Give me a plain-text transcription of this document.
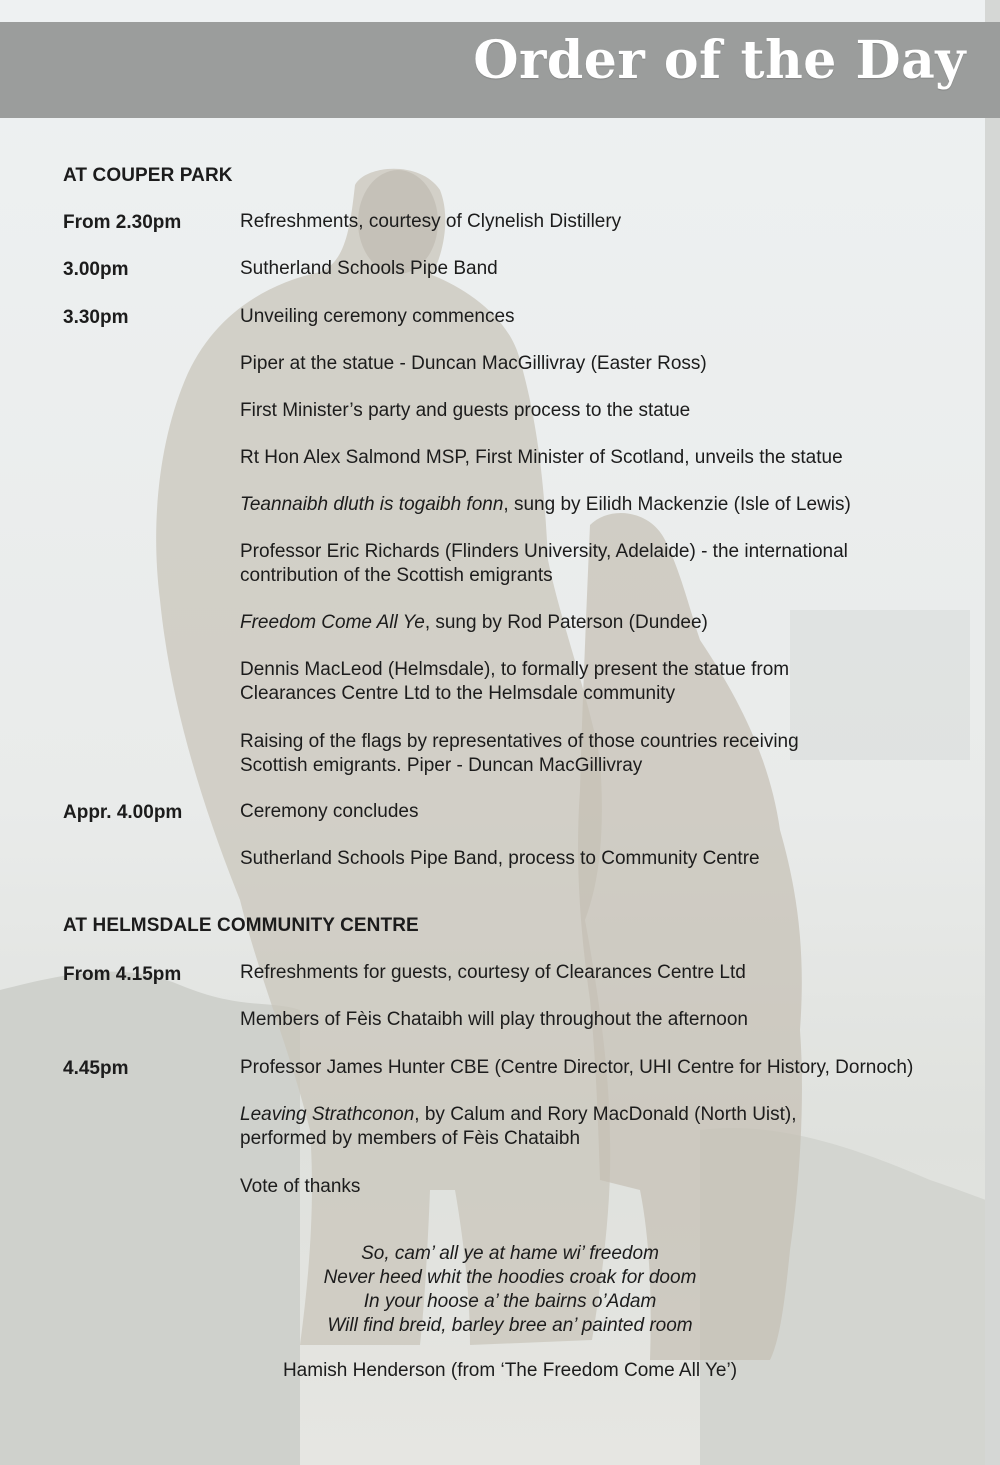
Order of the Day
AT COUPER PARK
From 2.30pm	Refreshments, courtesy of Clynelish Distillery
3.00pm	Sutherland Schools Pipe Band
3.30pm	Unveiling ceremony commences
Piper at the statue - Duncan MacGillivray (Easter Ross)
First Minister’s party and guests process to the statue
Rt Hon Alex Salmond MSP, First Minister of Scotland, unveils the statue
Teannaibh dluth is togaibh fonn, sung by Eilidh Mackenzie (Isle of Lewis)
Professor Eric Richards (Flinders University, Adelaide) - the international
contribution of the Scottish emigrants
Freedom Come All Ye, sung by Rod Paterson (Dundee)
Dennis MacLeod (Helmsdale), to formally present the statue from
Clearances Centre Ltd to the Helmsdale community
Raising of the flags by representatives of those countries receiving
Scottish emigrants. Piper - Duncan MacGillivray
Appr. 4.00pm	Ceremony concludes
Sutherland Schools Pipe Band, process to Community Centre
AT HELMSDALE COMMUNITY CENTRE
From 4.15pm	Refreshments for guests, courtesy of Clearances Centre Ltd
Members of Fèis Chataibh will play throughout the afternoon
4.45pm	Professor James Hunter CBE (Centre Director, UHI Centre for History, Dornoch)
Leaving Strathconon, by Calum and Rory MacDonald (North Uist),
performed by members of Fèis Chataibh
Vote of thanks
So, cam’ all ye at hame wi’ freedom
Never heed whit the hoodies croak for doom
In your hoose a’ the bairns o’Adam
Will find breid, barley bree an’ painted room
Hamish Henderson (from ‘The Freedom Come All Ye’)
